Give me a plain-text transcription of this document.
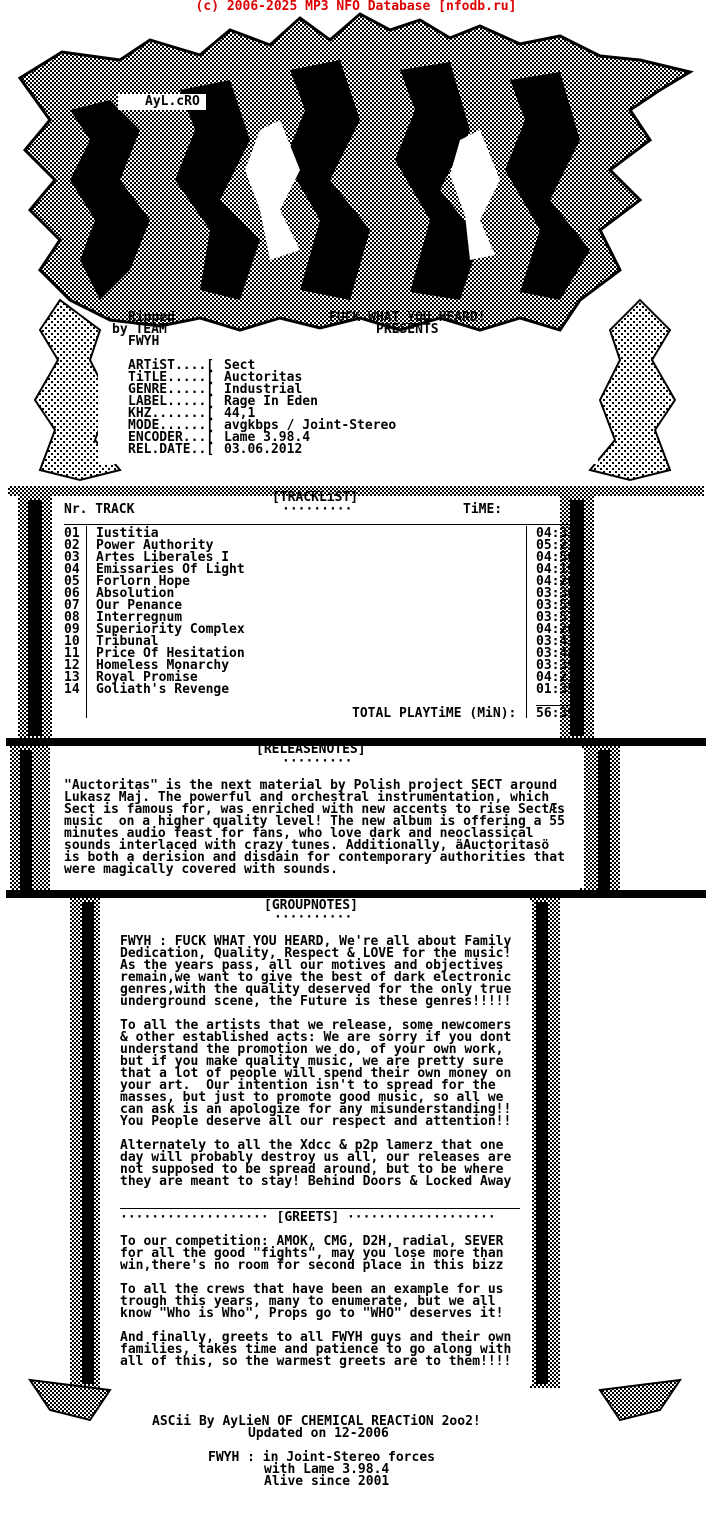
(c) 2006-2025 MP3 NFO Database [nfodb.ru]
AyL.cRO
Ripped
by TEAM
FWYH
FUCK WHAT YOU HEARD!
PRESENTS
ARTiST....[ Sect
TiTLE.....[ Auctoritas
GENRE.....[ Industrial
LABEL.....[ Rage In Eden
KHZ.......[ 44,1
MODE......[ avgkbps / Joint-Stereo
ENCODER...[ Lame 3.98.4
REL.DATE..[ 03.06.2012
[TRACKLiST]
·········
Nr. TRACK	TiME:
01
02
03
04
05
06
07
08
09
10
11
12
13
14
Iustitia
Power Authority
Artes Liberales I
Emissaries Of Light
Forlorn Hope
Absolution
Our Penance
Interregnum
Superiority Complex
Tribunal
Price Of Hesitation
Homeless Monarchy
Royal Promise
Goliath's Revenge
04:33
05:21
04:56
04:19
04:26
03:36
03:59
03:57
04:26
03:43
03:48
03:39
04:21
01:35
TOTAL PLAYTiME (MiN): 56:39
[RELEASENOTES]
·········
"Auctoritas" is the next material by Polish project SECT around
Lukasz Maj. The powerful and orchestral instrumentation, which
Sect is famous for, was enriched with new accents to rise SectÆs
music  on a higher quality level! The new album is offering a 55
minutes audio feast for fans, who love dark and neoclassical
sounds interlaced with crazy tunes. Additionally, äAuctoritasö
is both a derision and disdain for contemporary authorities that
were magically covered with sounds.
[GROUPNOTES]
··········
FWYH : FUCK WHAT YOU HEARD, We're all about Family
Dedication, Quality, Respect & LOVE for the music!
As the years pass, all our motives and objectives
remain,we want to give the best of dark electronic
genres,with the quality deserved for the only true
underground scene, the Future is these genres!!!!!
To all the artists that we release, some newcomers
& other established acts: We are sorry if you dont
understand the promotion we do, of your own work,
but if you make quality music, we are pretty sure
that a lot of people will spend their own money on
your art.  Our intention isn't to spread for the
masses, but just to promote good music, so all we
can ask is an apologize for any misunderstanding!!
You People deserve all our respect and attention!!
Alternately to all the Xdcc & p2p lamerz that one
day will probably destroy us all, our releases are
not supposed to be spread around, but to be where
they are meant to stay! Behind Doors & Locked Away
··················· [GREETS] ···················
To our competition: AMOK, CMG, D2H, radial, SEVER
for all the good "fights", may you lose more than
win,there's no room for second place in this bizz
To all the crews that have been an example for us
trough this years, many to enumerate, but we all
know "Who is Who", Props go to "WHO" deserves it!
And finally, greets to all FWYH guys and their own
families, takes time and patience to go along with
all of this, so the warmest greets are to them!!!!
ASCii By AyLieN OF CHEMICAL REACTiON 2oo2!
Updated on 12-2006
FWYH : in Joint-Stereo forces
with Lame 3.98.4
Alive since 2001
